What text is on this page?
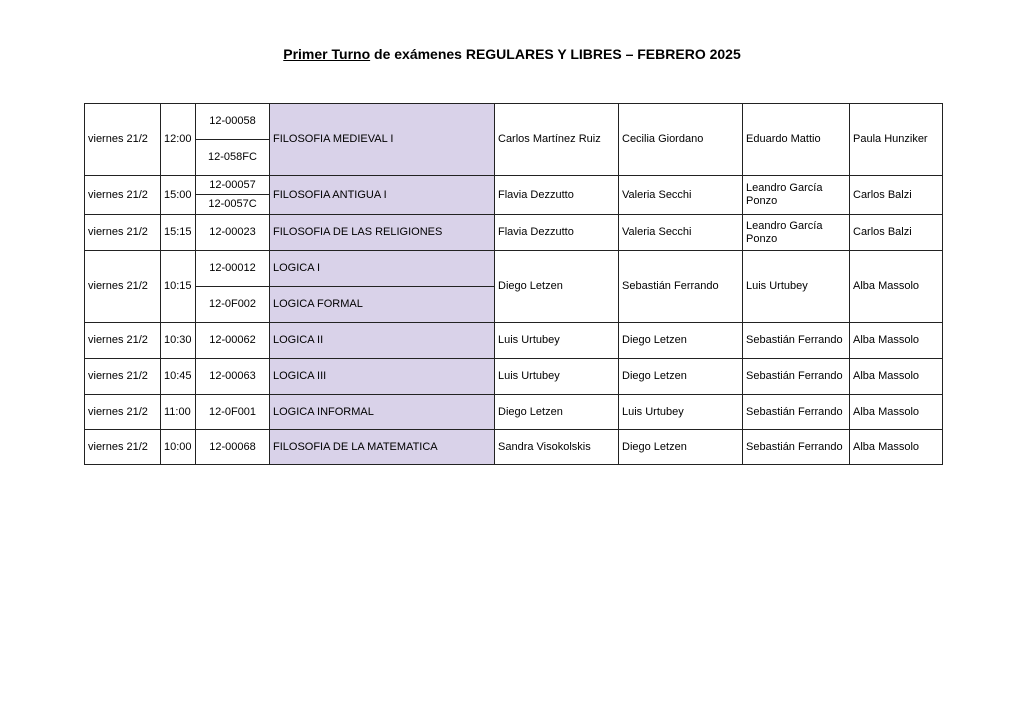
Primer Turno de exámenes REGULARES Y LIBRES – FEBRERO 2025
viernes 21/2	12:00	12-00058	FILOSOFIA MEDIEVAL I	Carlos Martínez Ruiz	Cecilia Giordano	Eduardo Mattio	Paula Hunziker
		12-058FC					
viernes 21/2	15:00	12-00057	FILOSOFIA ANTIGUA I	Flavia Dezzutto	Valeria Secchi	Leandro García Ponzo	Carlos Balzi
		12-0057C					
viernes 21/2	15:15	12-00023	FILOSOFIA DE LAS RELIGIONES	Flavia Dezzutto	Valeria Secchi	Leandro García Ponzo	Carlos Balzi
viernes 21/2	10:15	12-00012	LOGICA I	Diego Letzen	Sebastián Ferrando	Luis Urtubey	Alba Massolo
		12-0F002	LOGICA FORMAL				
viernes 21/2	10:30	12-00062	LOGICA II	Luis Urtubey	Diego Letzen	Sebastián Ferrando	Alba Massolo
viernes 21/2	10:45	12-00063	LOGICA III	Luis Urtubey	Diego Letzen	Sebastián Ferrando	Alba Massolo
viernes 21/2	11:00	12-0F001	LOGICA INFORMAL	Diego Letzen	Luis Urtubey	Sebastián Ferrando	Alba Massolo
viernes 21/2	10:00	12-00068	FILOSOFIA DE LA MATEMATICA	Sandra Visokolskis	Diego Letzen	Sebastián Ferrando	Alba Massolo
